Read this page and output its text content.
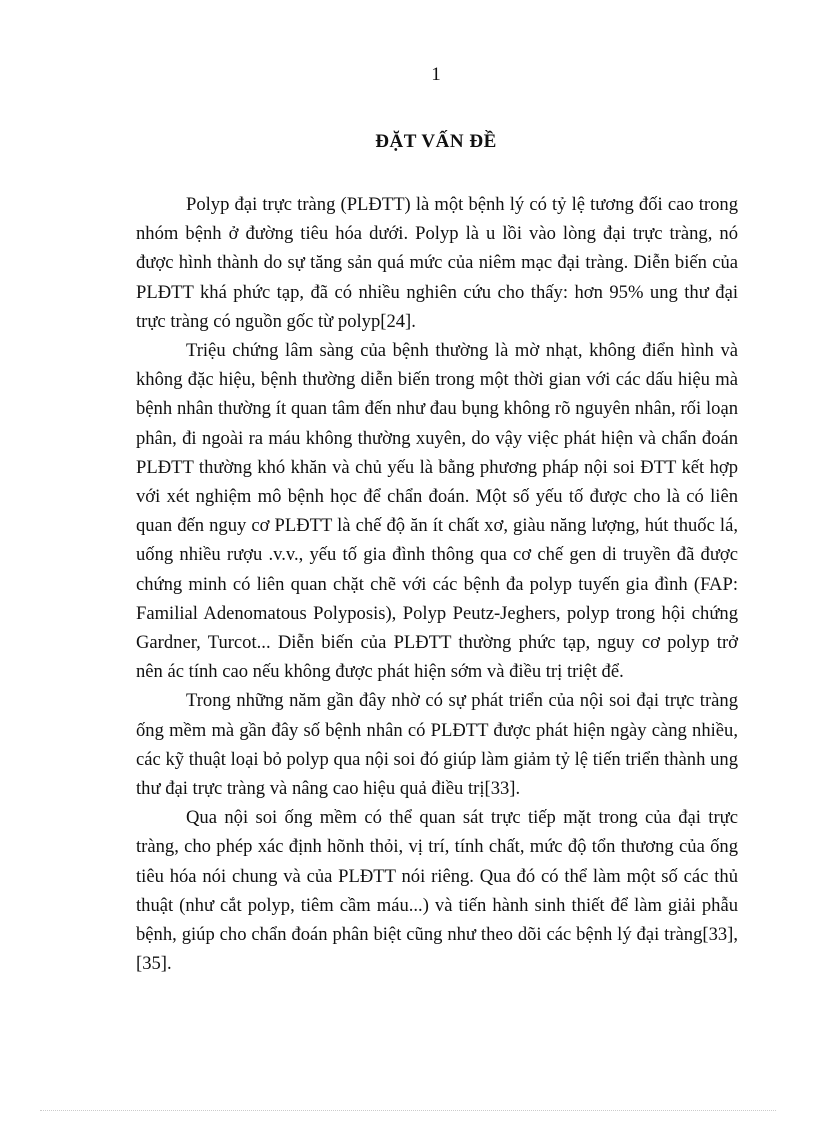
1
ĐẶT VẤN ĐỀ

Polyp đại trực tràng (PLĐTT) là một bệnh lý có tỷ lệ tương đối cao trong nhóm bệnh ở đường tiêu hóa dưới. Polyp là u lồi vào lòng đại trực tràng, nó được hình thành do sự tăng sản quá mức của niêm mạc đại tràng. Diễn biến của PLĐTT khá phức tạp, đã có nhiều nghiên cứu cho thấy: hơn 95% ung thư đại trực tràng có nguồn gốc từ polyp[24].

Triệu chứng lâm sàng của bệnh thường là mờ nhạt, không điển hình và không đặc hiệu, bệnh thường diễn biến trong một thời gian với các dấu hiệu mà bệnh nhân thường ít quan tâm đến như đau bụng không rõ nguyên nhân, rối loạn phân, đi ngoài ra máu không thường xuyên, do vậy việc phát hiện và chẩn đoán PLĐTT thường khó khăn và chủ yếu là bằng phương pháp nội soi ĐTT kết hợp với xét nghiệm mô bệnh học để chẩn đoán. Một số yếu tố được cho là có liên quan đến nguy cơ PLĐTT là chế độ ăn ít chất xơ, giàu năng lượng, hút thuốc lá, uống nhiều rượu .v.v., yếu tố gia đình thông qua cơ chế gen di truyền đã được chứng minh có liên quan chặt chẽ với các bệnh đa polyp tuyến gia đình (FAP: Familial Adenomatous Polyposis), Polyp Peutz-Jeghers, polyp trong hội chứng Gardner, Turcot... Diễn biến của PLĐTT thường phức tạp, nguy cơ polyp trở nên ác tính cao nếu không được phát hiện sớm và điều trị triệt để.

Trong những năm gần đây nhờ có sự phát triển của nội soi đại trực tràng ống mềm mà gần đây số bệnh nhân có PLĐTT được phát hiện ngày càng nhiều, các kỹ thuật loại bỏ polyp qua nội soi đó giúp làm giảm tỷ lệ tiến triển thành ung thư đại trực tràng và nâng cao hiệu quả điều trị[33].

Qua nội soi ống mềm có thể quan sát trực tiếp mặt trong của đại trực tràng, cho phép xác định hõnh thỏi, vị trí, tính chất, mức độ tổn thương của ống tiêu hóa nói chung và của PLĐTT nói riêng. Qua đó có thể làm một số các thủ thuật (như cắt polyp, tiêm cầm máu...) và tiến hành sinh thiết để làm giải phẫu bệnh, giúp cho chẩn đoán phân biệt cũng như theo dõi các bệnh lý đại tràng[33],[35].
